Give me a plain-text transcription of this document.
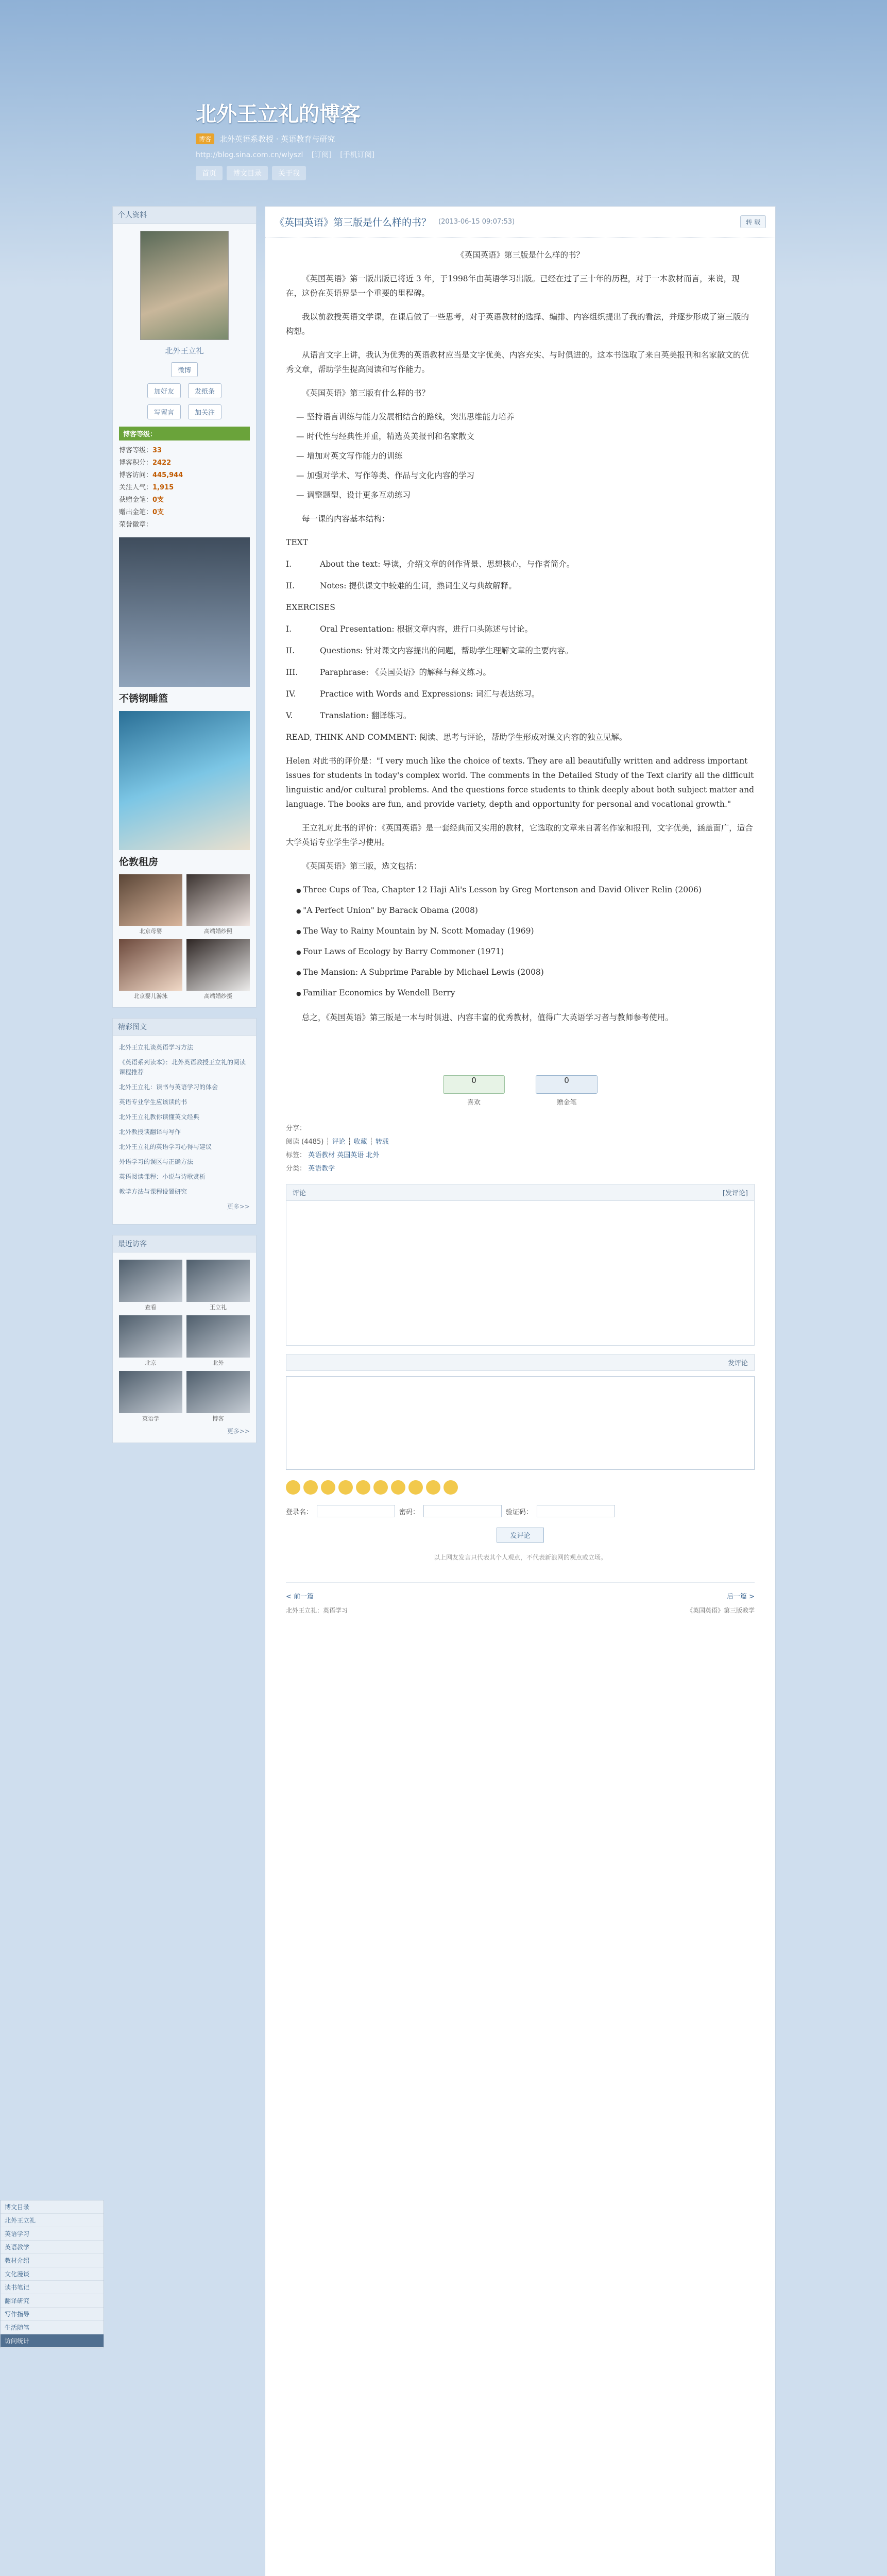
北外王立礼的博客
博客	北外英语系教授 · 英语教育与研究
http://blog.sina.com.cn/wlyszl [订阅] [手机订阅]
首页	博文目录	关于我
个人资料
北外王立礼
微博
加好友	发纸条
写留言	加关注
博客等级：
博客等级：33
博客积分：2422
博客访问：445,944
关注人气：1,915
获赠金笔：0支
赠出金笔：0支
荣誉徽章：
不锈钢睡篮
伦敦租房
北京母婴	高端婚纱照
北京婴儿游泳	高端婚纱摄
精彩图文
北外王立礼谈英语学习方法
《英语系列读本》：北外英语教授王立礼的阅读课程推荐
北外王立礼：读书与英语学习的体会
英语专业学生应该读的书
北外王立礼教你读懂英文经典
北外教授谈翻译与写作
北外王立礼的英语学习心得与建议
外语学习的误区与正确方法
英语阅读课程：小说与诗歌赏析
教学方法与课程设置研究
更多>>
最近访客
查看	王立礼
北京	北外
英语学	博客
更多>>
《英国英语》第三版是什么样的书？ (2013-06-15 09:07:53)	转 载

《英国英语》第三版是什么样的书？

《英国英语》第一版出版已将近 3 年，于1998年由英语学习出版。已经在过了三十年的历程，对于一本教材而言，来说，现在，这份在英语界是一个重要的里程碑。

我以前教授英语文学课，在课后做了一些思考，对于英语教材的选择、编排、内容组织提出了我的看法，并逐步形成了第三版的构想。

从语言文字上讲，我认为优秀的英语教材应当是文字优美、内容充实、与时俱进的。这本书选取了来自英美报刊和名家散文的优秀文章，帮助学生提高阅读和写作能力。

《英国英语》第三版有什么样的书？

— 坚持语言训练与能力发展相结合的路线，突出思维能力培养
— 时代性与经典性并重，精选英美报刊和名家散文
— 增加对英文写作能力的训练
— 加强对学术、写作等类、作品与文化内容的学习
— 调整题型、设计更多互动练习

每一课的内容基本结构：

TEXT
I.	About the text: 导读，介绍文章的创作背景、思想核心，与作者简介。
II.	Notes: 提供课文中较难的生词，熟词生义与典故解释。
EXERCISES
I.	Oral Presentation: 根据文章内容，进行口头陈述与讨论。
II.	Questions: 针对课文内容提出的问题，帮助学生理解文章的主要内容。
III.	Paraphrase: 《英国英语》的解释与释义练习。
IV.	Practice with Words and Expressions: 词汇与表达练习。
V.	Translation: 翻译练习。

READ, THINK AND COMMENT: 阅读、思考与评论，帮助学生形成对课文内容的独立见解。

Helen 对此书的评价是："I very much like the choice of texts. They are all beautifully written and address important issues for students in today's complex world. The comments in the Detailed Study of the Text clarify all the difficult linguistic and/or cultural problems. And the questions force students to think deeply about both subject matter and language. The books are fun, and provide variety, depth and opportunity for personal and vocational growth."

王立礼对此书的评价：《英国英语》是一套经典而又实用的教材，它选取的文章来自著名作家和报刊，文字优美，涵盖面广，适合大学英语专业学生学习使用。

《英国英语》第三版，选文包括：

● Three Cups of Tea, Chapter 12 Haji Ali's Lesson by Greg Mortenson and David Oliver Relin (2006)
● "A Perfect Union" by Barack Obama (2008)
● The Way to Rainy Mountain by N. Scott Momaday (1969)
● Four Laws of Ecology by Barry Commoner (1971)
● The Mansion: A Subprime Parable by Michael Lewis (2008)
● Familiar Economics by Wendell Berry

总之，《英国英语》第三版是一本与时俱进、内容丰富的优秀教材，值得广大英语学习者与教师参考使用。

0
喜欢
0
赠金笔
分享：
阅读 (4485) ┆ 评论 ┆ 收藏 ┆ 转载
标签： 英语教材 英国英语 北外
分类： 英语教学
评论	[发评论]
发评论
登录名：	密码：	验证码：
发评论
以上网友发言只代表其个人观点，不代表新浪网的观点或立场。
< 前一篇	后一篇 >
北外王立礼：英语学习	《英国英语》第三版教学
博文目录
北外王立礼
英语学习
英语教学
教材介绍
文化漫谈
读书笔记
翻译研究
写作指导
生活随笔
访问统计
